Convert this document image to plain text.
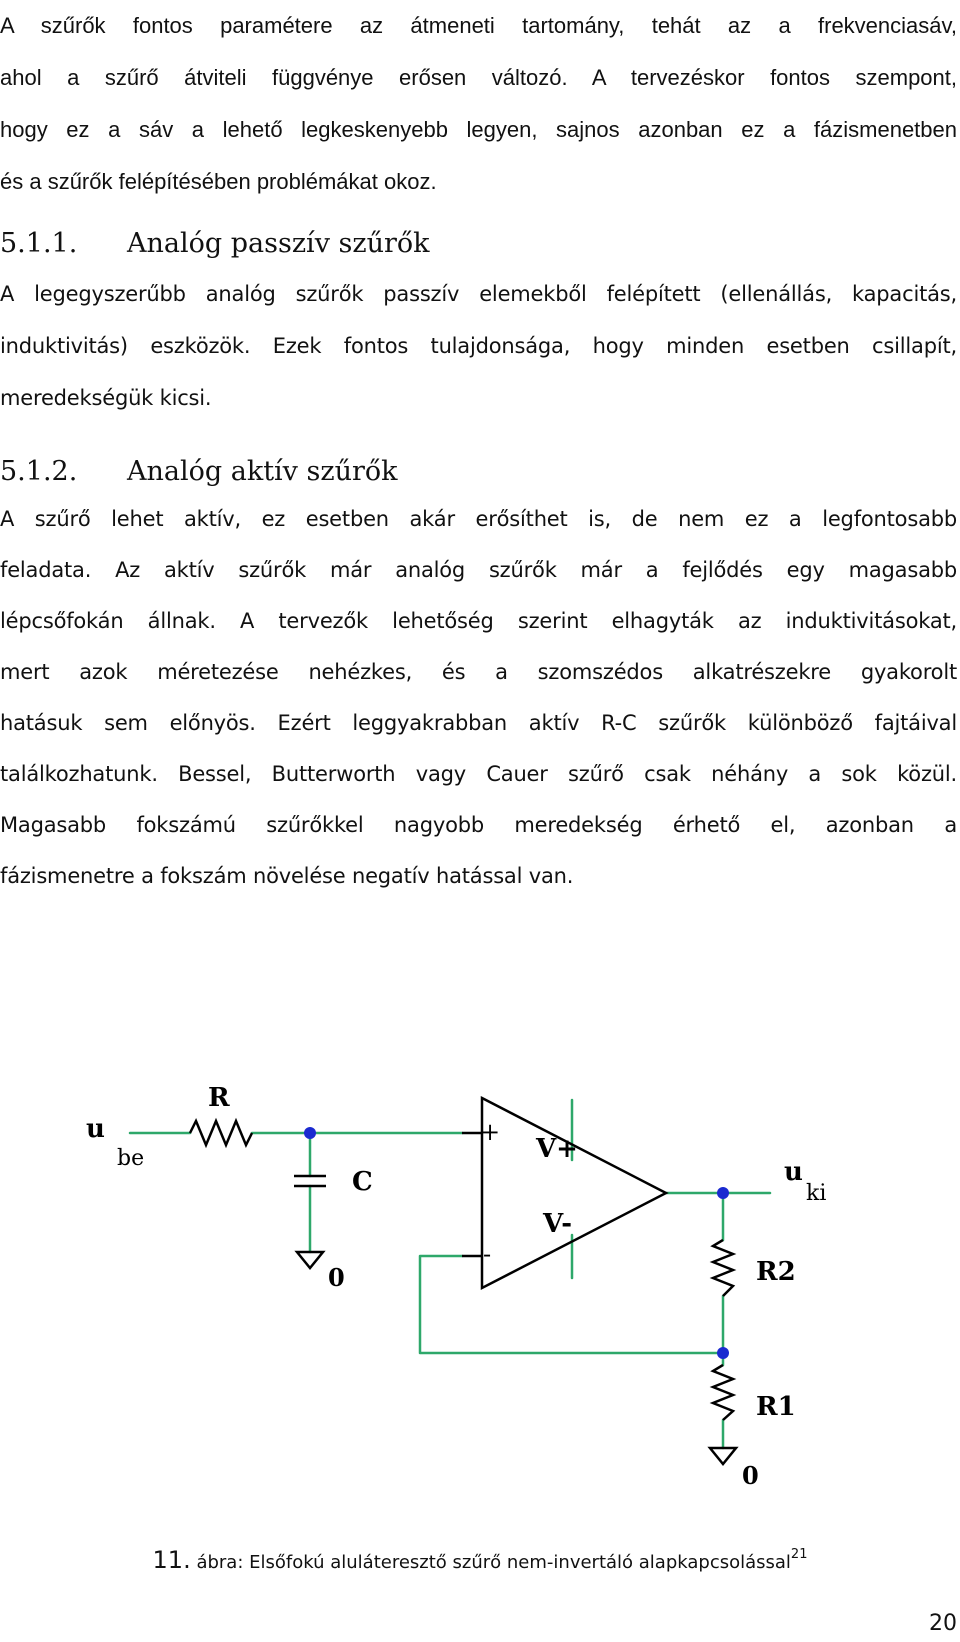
A szűrők fontos paramétere az átmeneti tartomány, tehát az a frekvenciasáv,
ahol a szűrő átviteli függvénye erősen változó. A tervezéskor fontos szempont,
hogy ez a sáv a lehető legkeskenyebb legyen, sajnos azonban ez a fázismenetben
és a szűrők felépítésében problémákat okoz.
5.1.1. Analóg passzív szűrők
A legegyszerűbb analóg szűrők passzív elemekből felépített (ellenállás, kapacitás,
induktivitás) eszközök. Ezek fontos tulajdonsága, hogy minden esetben csillapít,
meredekségük kicsi.
5.1.2. Analóg aktív szűrők
A szűrő lehet aktív, ez esetben akár erősíthet is, de nem ez a legfontosabb
feladata. Az aktív szűrők már analóg szűrők már a fejlődés egy magasabb
lépcsőfokán állnak. A tervezők lehetőség szerint elhagyták az induktivitásokat,
mert azok méretezése nehézkes, és a szomszédos alkatrészekre gyakorolt
hatásuk sem előnyös. Ezért leggyakrabban aktív R-C szűrők különböző fajtáival
találkozhatunk. Bessel, Butterworth vagy Cauer szűrő csak néhány a sok közül.
Magasabb fokszámú szűrőkkel nagyobb meredekség érhető el, azonban a
fázismenetre a fokszám növelése negatív hatással van.
u
be
R
C
0
+
-
V+
V-
u
ki
R2
R1
0
11. ábra: Elsőfokú aluláteresztő szűrő nem-invertáló alapkapcsolással$^{21}$
20
